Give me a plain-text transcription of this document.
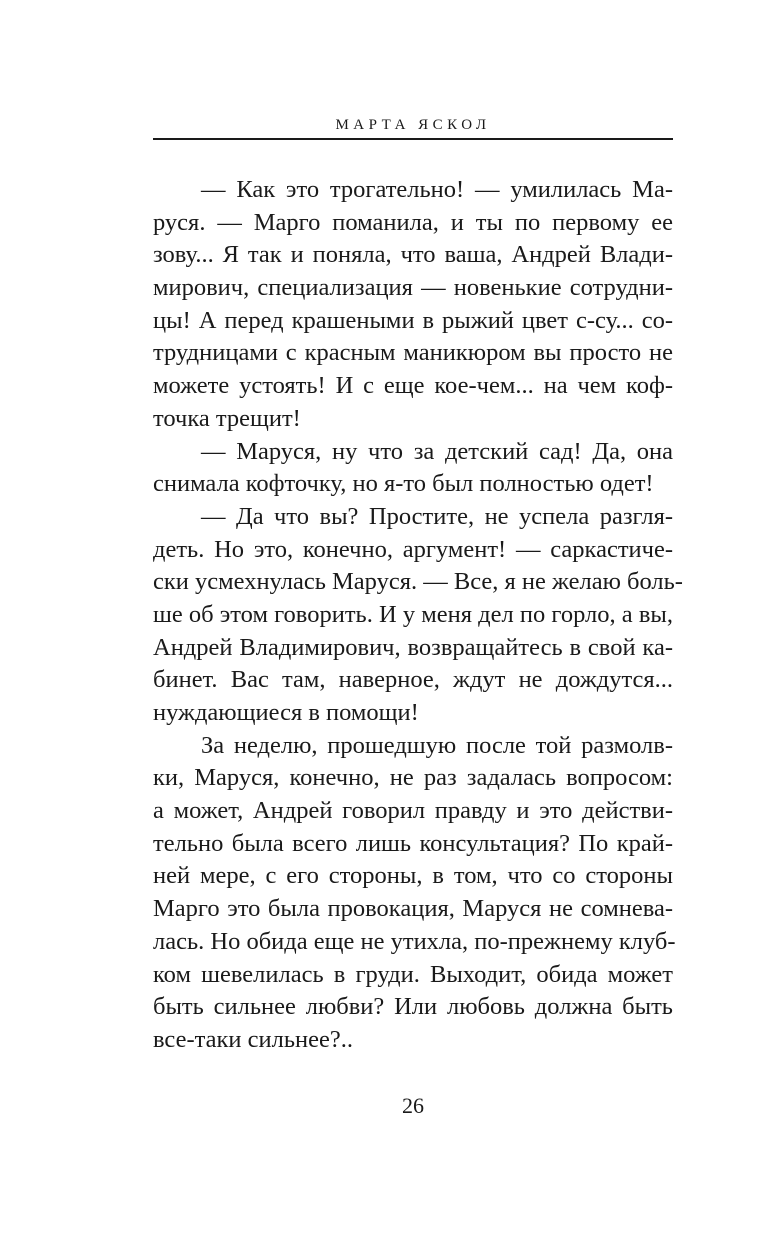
МАРТА ЯСКОЛ
— Как это трогательно! — умилилась Ма-
руся. — Марго поманила, и ты по первому ее
зову... Я так и поняла, что ваша, Андрей Влади-
мирович, специализация — новенькие сотрудни-
цы! А перед крашеными в рыжий цвет с-су... со-
трудницами с красным маникюром вы просто не
можете устоять! И с еще кое-чем... на чем коф-
точка трещит!
— Маруся, ну что за детский сад! Да, она
снимала кофточку, но я-то был полностью одет!
— Да что вы? Простите, не успела разгля-
деть. Но это, конечно, аргумент! — саркастиче-
ски усмехнулась Маруся. — Все, я не желаю боль-
ше об этом говорить. И у меня дел по горло, а вы,
Андрей Владимирович, возвращайтесь в свой ка-
бинет. Вас там, наверное, ждут не дождутся...
нуждающиеся в помощи!
За неделю, прошедшую после той размолв-
ки, Маруся, конечно, не раз задалась вопросом:
а может, Андрей говорил правду и это действи-
тельно была всего лишь консультация? По край-
ней мере, с его стороны, в том, что со стороны
Марго это была провокация, Маруся не сомнева-
лась. Но обида еще не утихла, по-прежнему клуб-
ком шевелилась в груди. Выходит, обида может
быть сильнее любви? Или любовь должна быть
все-таки сильнее?..
26
